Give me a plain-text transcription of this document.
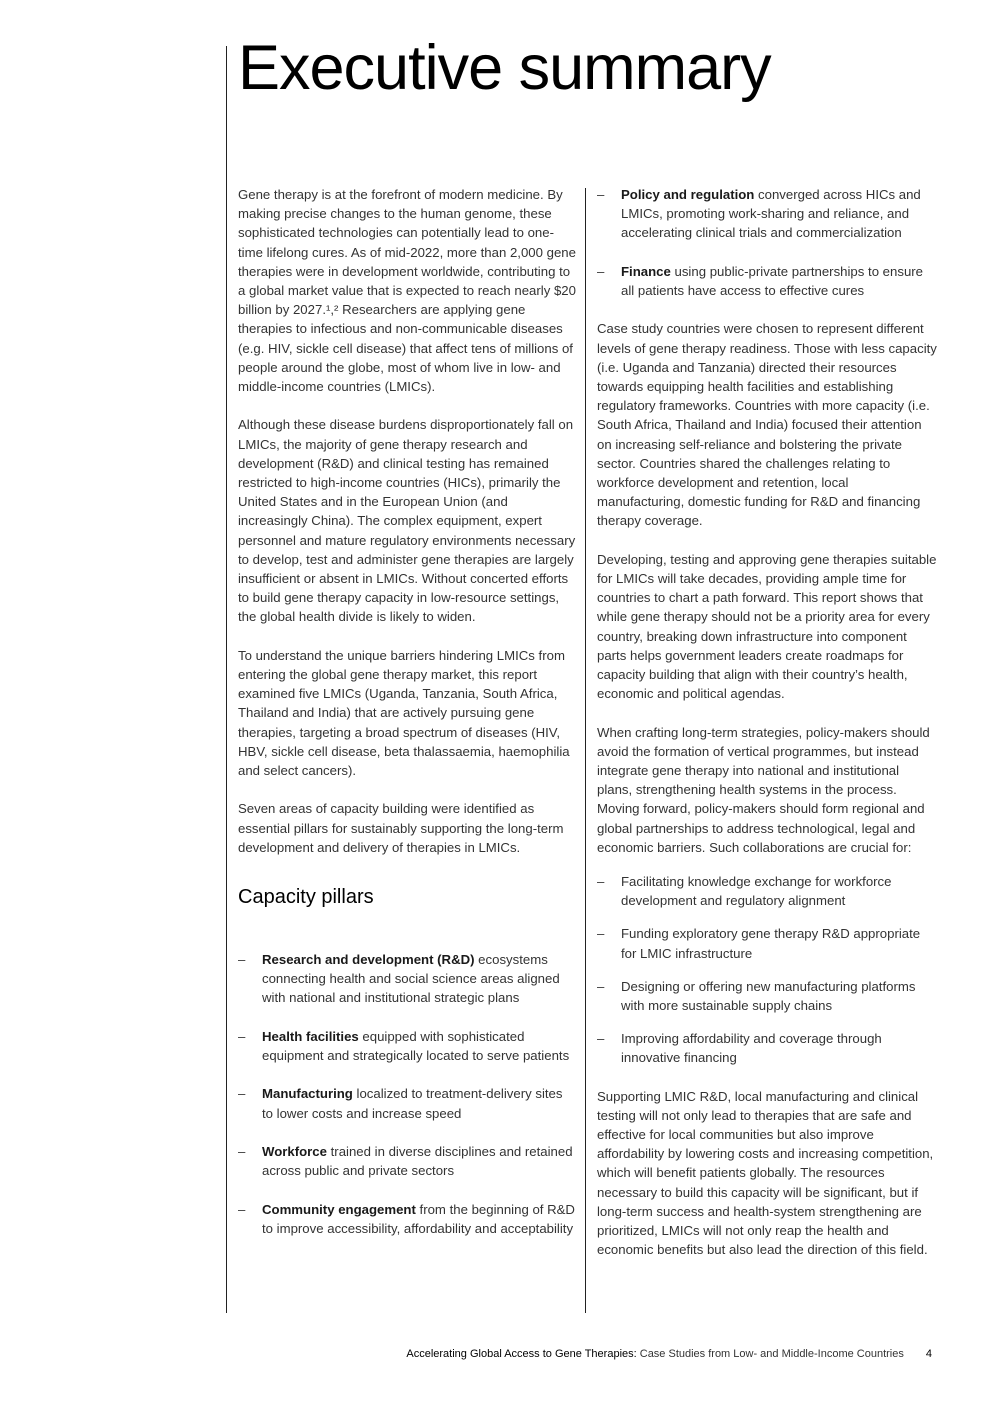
Executive summary

Gene therapy is at the forefront of modern medicine. By making precise changes to the human genome, these sophisticated technologies can potentially lead to one-time lifelong cures. As of mid-2022, more than 2,000 gene therapies were in development worldwide, contributing to a global market value that is expected to reach nearly $20 billion by 2027.¹,² Researchers are applying gene therapies to infectious and non-communicable diseases (e.g. HIV, sickle cell disease) that affect tens of millions of people around the globe, most of whom live in low- and middle-income countries (LMICs).

Although these disease burdens disproportionately fall on LMICs, the majority of gene therapy research and development (R&D) and clinical testing has remained restricted to high-income countries (HICs), primarily the United States and in the European Union (and increasingly China). The complex equipment, expert personnel and mature regulatory environments necessary to develop, test and administer gene therapies are largely insufficient or absent in LMICs. Without concerted efforts to build gene therapy capacity in low-resource settings, the global health divide is likely to widen.

To understand the unique barriers hindering LMICs from entering the global gene therapy market, this report examined five LMICs (Uganda, Tanzania, South Africa, Thailand and India) that are actively pursuing gene therapies, targeting a broad spectrum of diseases (HIV, HBV, sickle cell disease, beta thalassaemia, haemophilia and select cancers).

Seven areas of capacity building were identified as essential pillars for sustainably supporting the long-term development and delivery of therapies in LMICs.

Capacity pillars
– Research and development (R&D) ecosystems connecting health and social science areas aligned with national and institutional strategic plans
– Health facilities equipped with sophisticated equipment and strategically located to serve patients
– Manufacturing localized to treatment-delivery sites to lower costs and increase speed
– Workforce trained in diverse disciplines and retained across public and private sectors
– Community engagement from the beginning of R&D to improve accessibility, affordability and acceptability
– Policy and regulation converged across HICs and LMICs, promoting work-sharing and reliance, and accelerating clinical trials and commercialization
– Finance using public-private partnerships to ensure all patients have access to effective cures

Case study countries were chosen to represent different levels of gene therapy readiness. Those with less capacity (i.e. Uganda and Tanzania) directed their resources towards equipping health facilities and establishing regulatory frameworks. Countries with more capacity (i.e. South Africa, Thailand and India) focused their attention on increasing self-reliance and bolstering the private sector. Countries shared the challenges relating to workforce development and retention, local manufacturing, domestic funding for R&D and financing therapy coverage.

Developing, testing and approving gene therapies suitable for LMICs will take decades, providing ample time for countries to chart a path forward. This report shows that while gene therapy should not be a priority area for every country, breaking down infrastructure into component parts helps government leaders create roadmaps for capacity building that align with their country’s health, economic and political agendas.

When crafting long-term strategies, policy-makers should avoid the formation of vertical programmes, but instead integrate gene therapy into national and institutional plans, strengthening health systems in the process. Moving forward, policy-makers should form regional and global partnerships to address technological, legal and economic barriers. Such collaborations are crucial for:

– Facilitating knowledge exchange for workforce development and regulatory alignment
– Funding exploratory gene therapy R&D appropriate for LMIC infrastructure
– Designing or offering new manufacturing platforms with more sustainable supply chains
– Improving affordability and coverage through innovative financing

Supporting LMIC R&D, local manufacturing and clinical testing will not only lead to therapies that are safe and effective for local communities but also improve affordability by lowering costs and increasing competition, which will benefit patients globally. The resources necessary to build this capacity will be significant, but if long-term success and health-system strengthening are prioritized, LMICs will not only reap the health and economic benefits but also lead the direction of this field.

Accelerating Global Access to Gene Therapies: Case Studies from Low- and Middle-Income Countries 4
